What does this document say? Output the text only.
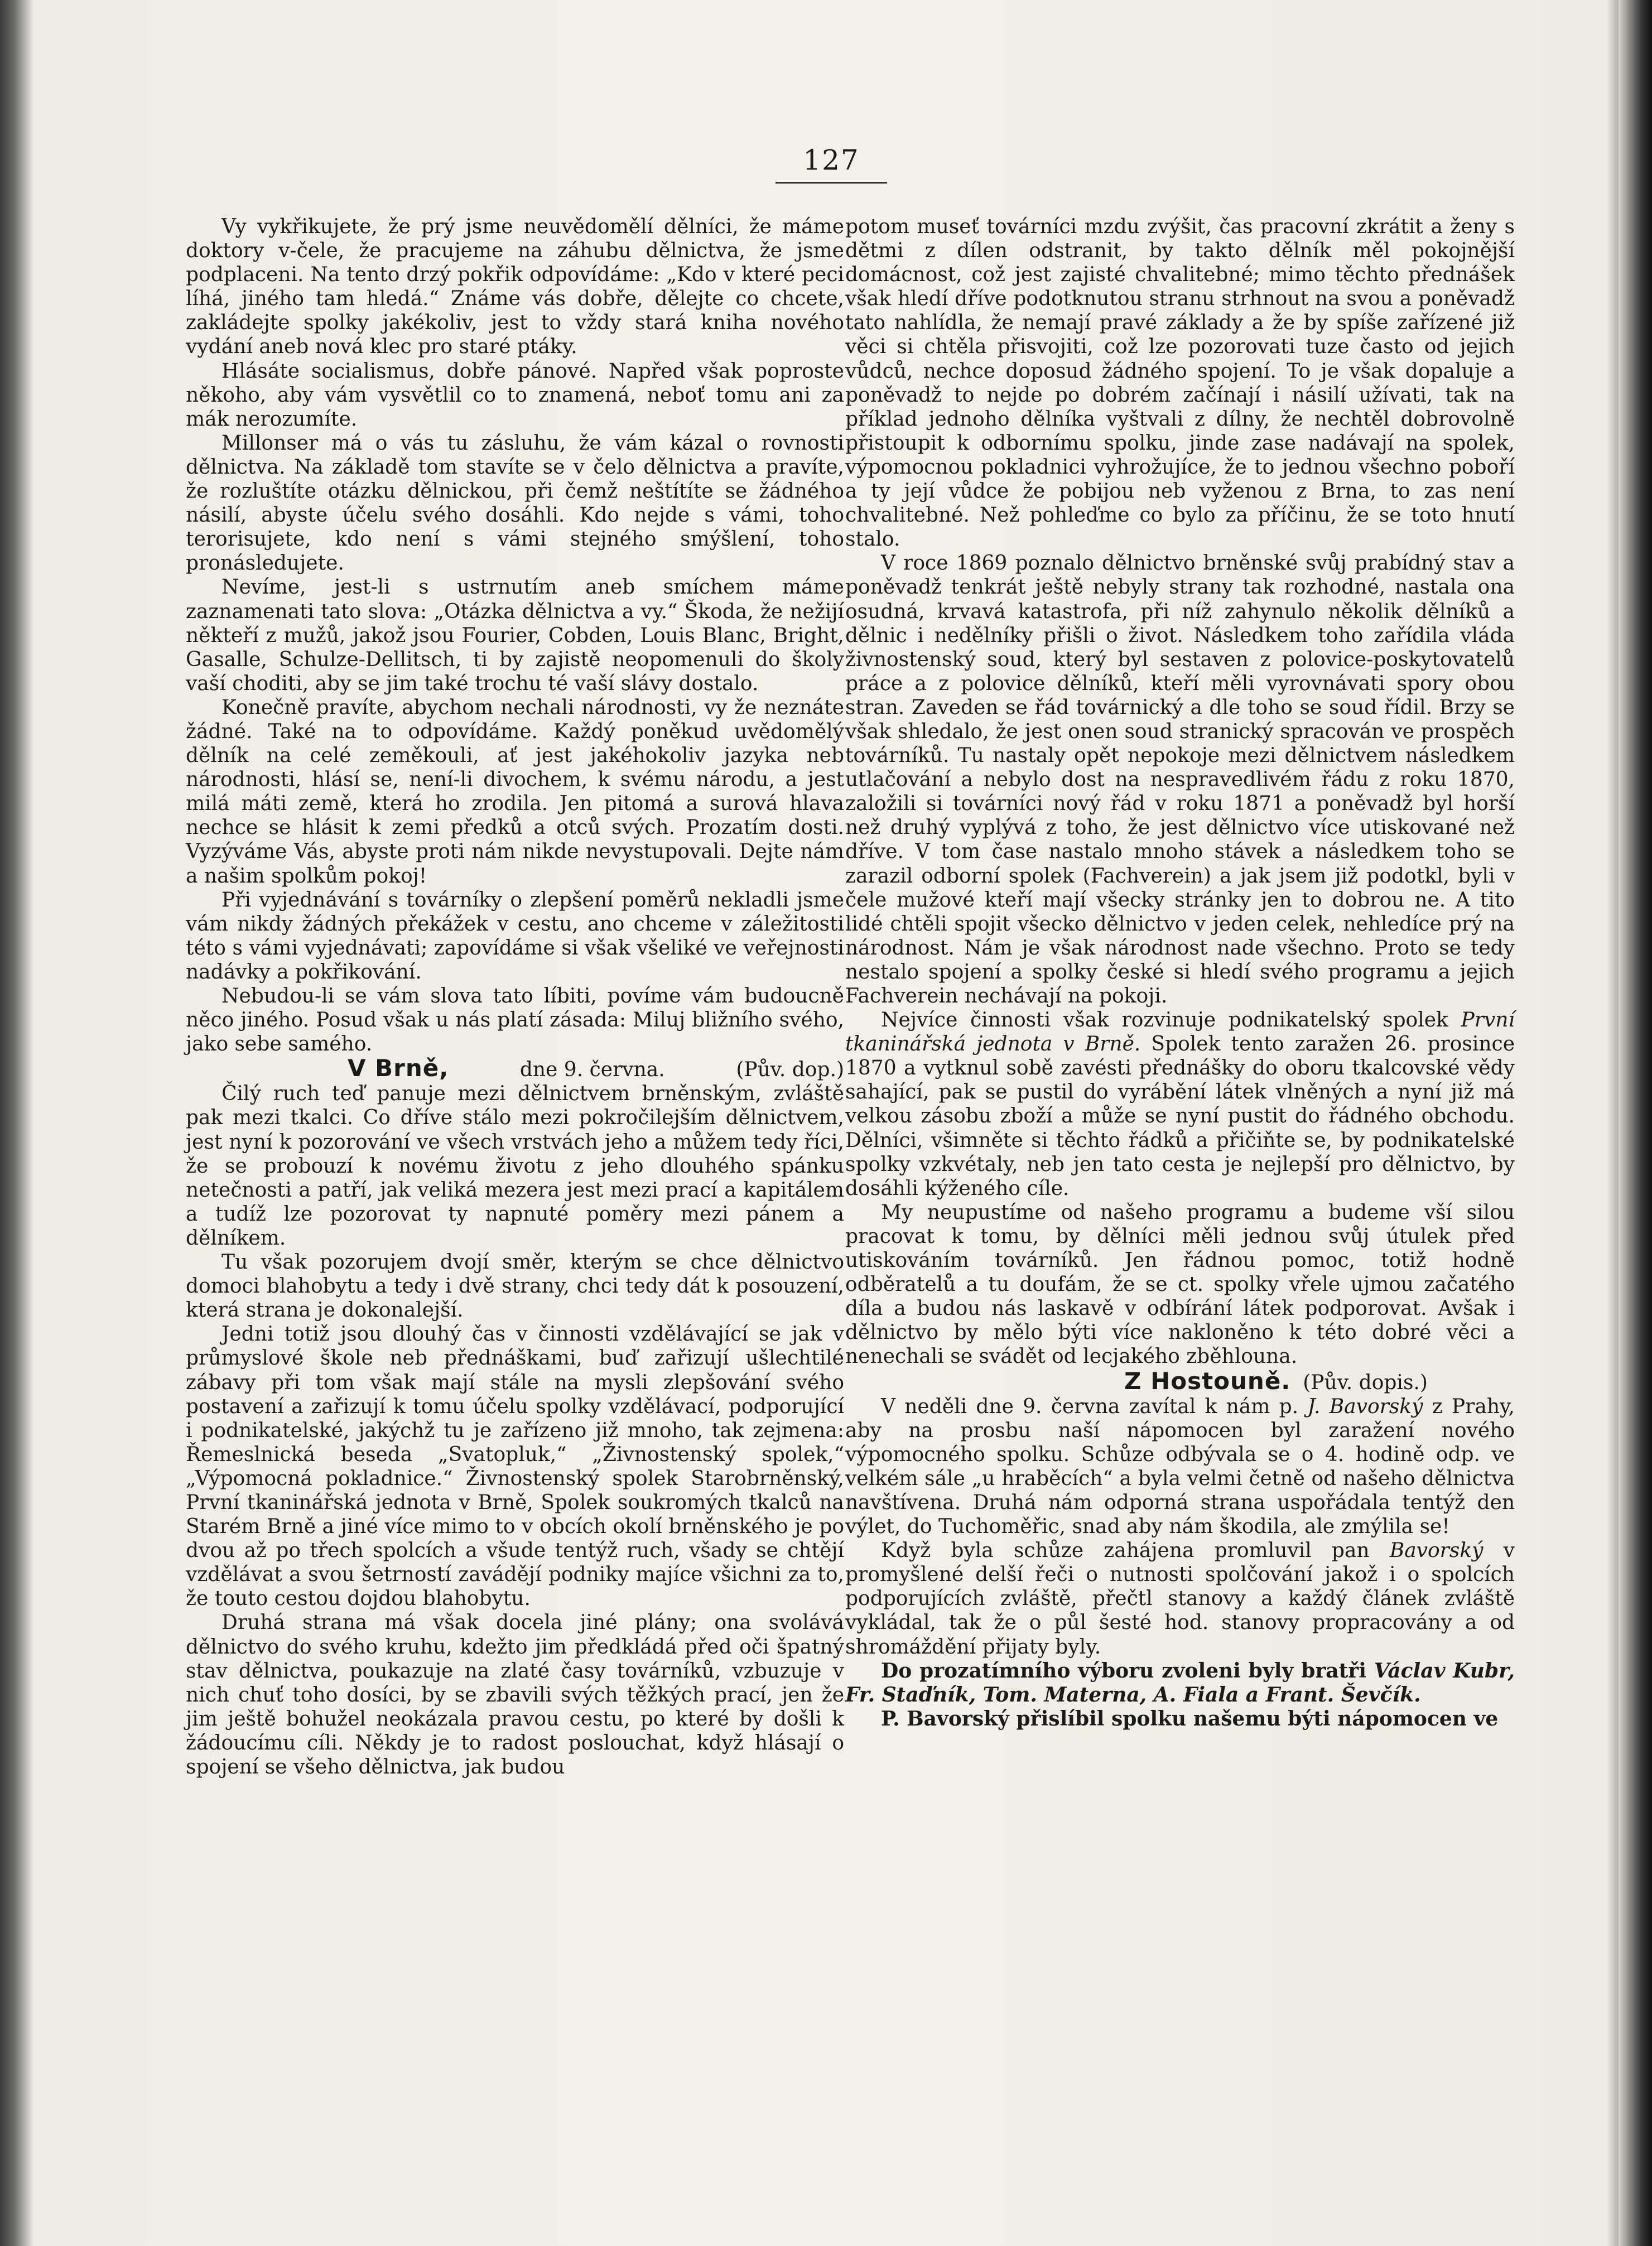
127

Vy vykřikujete, že prý jsme neuvědomělí dělníci, že máme doktory v-čele, že pracujeme na záhubu dělnictva, že jsme podplaceni. Na tento drzý pokřik odpovídáme: „Kdo v které peci líhá, jiného tam hledá.“ Známe vás dobře, dělejte co chcete, zakládejte spolky jakékoliv, jest to vždy stará kniha nového vydání aneb nová klec pro staré ptáky.

Hlásáte socialismus, dobře pánové. Napřed však poproste někoho, aby vám vysvětlil co to znamená, neboť tomu ani za mák nerozumíte.

Millonser má o vás tu zásluhu, že vám kázal o rovnosti dělnictva. Na základě tom stavíte se v čelo dělnictva a pravíte, že rozluštíte otázku dělnickou, při čemž neštítíte se žádného násilí, abyste účelu svého dosáhli. Kdo nejde s vámi, toho terorisujete, kdo není s vámi stejného smýšlení, toho pronásledujete.

Nevíme, jest-li s ustrnutím aneb smíchem máme zaznamenati tato slova: „Otázka dělnictva a vy.“ Škoda, že nežijí někteří z mužů, jakož jsou Fourier, Cobden, Louis Blanc, Bright, Gasalle, Schulze-Dellitsch, ti by zajistě neopomenuli do školy vaší choditi, aby se jim také trochu té vaší slávy dostalo.

Konečně pravíte, abychom nechali národnosti, vy že neznáte žádné. Také na to odpovídáme. Každý poněkud uvědomělý dělník na celé zeměkouli, ať jest jakéhokoliv jazyka neb národnosti, hlásí se, není-li divochem, k svému národu, a jest milá máti země, která ho zrodila. Jen pitomá a surová hlava nechce se hlásit k zemi předků a otců svých. Prozatím dosti. Vyzýváme Vás, abyste proti nám nikde nevystupovali. Dejte nám a našim spolkům pokoj!

Při vyjednávání s továrníky o zlepšení poměrů nekladli jsme vám nikdy žádných překážek v cestu, ano chceme v záležitosti této s vámi vyjednávati; zapovídáme si však všeliké ve veřejnosti nadávky a pokřikování.

Nebudou-li se vám slova tato líbiti, povíme vám budoucně něco jiného. Posud však u nás platí zásada: Miluj bližního svého, jako sebe samého.

V Brně,	dne 9. června.	(Pův. dop.)

Čilý ruch teď panuje mezi dělnictvem brněnským, zvláště pak mezi tkalci. Co dříve stálo mezi pokročilejším dělnictvem, jest nyní k pozorování ve všech vrstvách jeho a můžem tedy říci, že se probouzí k novému životu z jeho dlouhého spánku netečnosti a patří, jak veliká mezera jest mezi prací a kapitálem a tudíž lze pozorovat ty napnuté poměry mezi pánem a dělníkem.

Tu však pozorujem dvojí směr, kterým se chce dělnictvo domoci blahobytu a tedy i dvě strany, chci tedy dát k posouzení, která strana je dokonalejší.

Jedni totiž jsou dlouhý čas v činnosti vzdělávající se jak v průmyslové škole neb přednáškami, buď zařizují ušlechtilé zábavy při tom však mají stále na mysli zlepšování svého postavení a zařizují k tomu účelu spolky vzdělávací, podporující i podnikatelské, jakýchž tu je zařízeno již mnoho, tak zejmena: Řemeslnická beseda „Svatopluk,“ „Živnostenský spolek,“ „Výpomocná pokladnice.“ Živnostenský spolek Starobrněnský, První tkaninářská jednota v Brně, Spolek soukromých tkalců na Starém Brně a jiné více mimo to v obcích okolí brněnského je po dvou až po třech spolcích a všude tentýž ruch, všady se chtějí vzdělávat a svou šetrností zavádějí podniky majíce všichni za to, že touto cestou dojdou blahobytu.

Druhá strana má však docela jiné plány; ona svolává dělnictvo do svého kruhu, kdežto jim předkládá před oči špatný stav dělnictva, poukazuje na zlaté časy továrníků, vzbuzuje v nich chuť toho dosíci, by se zbavili svých těžkých prací, jen že jim ještě bohužel neokázala pravou cestu, po které by došli k žádoucímu cíli. Někdy je to radost poslouchat, když hlásají o spojení se všeho dělnictva, jak budou

potom museť továrníci mzdu zvýšit, čas pracovní zkrátit a ženy s dětmi z dílen odstranit, by takto dělník měl pokojnější domácnost, což jest zajisté chvalitebné; mimo těchto přednášek však hledí dříve podotknutou stranu strhnout na svou a poněvadž tato nahlídla, že nemají pravé základy a že by spíše zařízené již věci si chtěla přisvojiti, což lze pozorovati tuze často od jejich vůdců, nechce doposud žádného spojení. To je však dopaluje a poněvadž to nejde po dobrém začínají i násilí užívati, tak na příklad jednoho dělníka vyštvali z dílny, že nechtěl dobrovolně přistoupit k odbornímu spolku, jinde zase nadávají na spolek, výpomocnou pokladnici vyhrožujíce, že to jednou všechno poboří a ty její vůdce že pobijou neb vyženou z Brna, to zas není chvalitebné. Než pohleďme co bylo za příčinu, že se toto hnutí stalo.

V roce 1869 poznalo dělnictvo brněnské svůj prabídný stav a poněvadž tenkrát ještě nebyly strany tak rozhodné, nastala ona osudná, krvavá katastrofa, při níž zahynulo několik dělníků a dělnic i nedělníky přišli o život. Následkem toho zařídila vláda živnostenský soud, který byl sestaven z polovice-poskytovatelů práce a z polovice dělníků, kteří měli vyrovnávati spory obou stran. Zaveden se řád továrnický a dle toho se soud řídil. Brzy se však shledalo, že jest onen soud stranický spracován ve prospěch továrníků. Tu nastaly opět nepokoje mezi dělnictvem následkem utlačování a nebylo dost na nespravedlivém řádu z roku 1870, založili si továrníci nový řád v roku 1871 a poněvadž byl horší než druhý vyplývá z toho, že jest dělnictvo více utiskované než dříve. V tom čase nastalo mnoho stávek a následkem toho se zarazil odborní spolek (Fachverein) a jak jsem již podotkl, byli v čele mužové kteří mají všecky stránky jen to dobrou ne. A tito lidé chtěli spojit všecko dělnictvo v jeden celek, nehledíce prý na národnost. Nám je však národnost nade všechno. Proto se tedy nestalo spojení a spolky české si hledí svého programu a jejich Fachverein nechávají na pokoji.

Nejvíce činnosti však rozvinuje podnikatelský spolek První tkaninářská jednota v Brně. Spolek tento zaražen 26. prosince 1870 a vytknul sobě zavésti přednášky do oboru tkalcovské vědy sahající, pak se pustil do vyrábění látek vlněných a nyní již má velkou zásobu zboží a může se nyní pustit do řádného obchodu. Dělníci, všimněte si těchto řádků a přičiňte se, by podnikatelské spolky vzkvétaly, neb jen tato cesta je nejlepší pro dělnictvo, by dosáhli kýženého cíle.

My neupustíme od našeho programu a budeme vší silou pracovat k tomu, by dělníci měli jednou svůj útulek před utiskováním továrníků. Jen řádnou pomoc, totiž hodně odběratelů a tu doufám, že se ct. spolky vřele ujmou začatého díla a budou nás laskavě v odbírání látek podporovat. Avšak i dělnictvo by mělo býti více nakloněno k této dobré věci a nenechali se svádět od lecjakého zběhlouna.

Z Hostouně. (Pův. dopis.)

V neděli dne 9. června zavítal k nám p. J. Bavorský z Prahy, aby na prosbu naší nápomocen byl zaražení nového výpomocného spolku. Schůze odbývala se o 4. hodině odp. ve velkém sále „u hraběcích“ a byla velmi četně od našeho dělnictva navštívena. Druhá nám odporná strana uspořádala tentýž den výlet, do Tuchoměřic, snad aby nám škodila, ale zmýlila se!

Když byla schůze zahájena promluvil pan Bavorský v promyšlené delší řeči o nutnosti spolčování jakož i o spolcích podporujících zvláště, přečtl stanovy a každý článek zvláště vykládal, tak že o půl šesté hod. stanovy propracovány a od shromáždění přijaty byly.

Do prozatímního výboru zvoleni byly bratři Václav Kubr, Fr. Staďník, Tom. Materna, A. Fiala a Frant. Ševčík.

P. Bavorský přislíbil spolku našemu býti nápomocen ve
